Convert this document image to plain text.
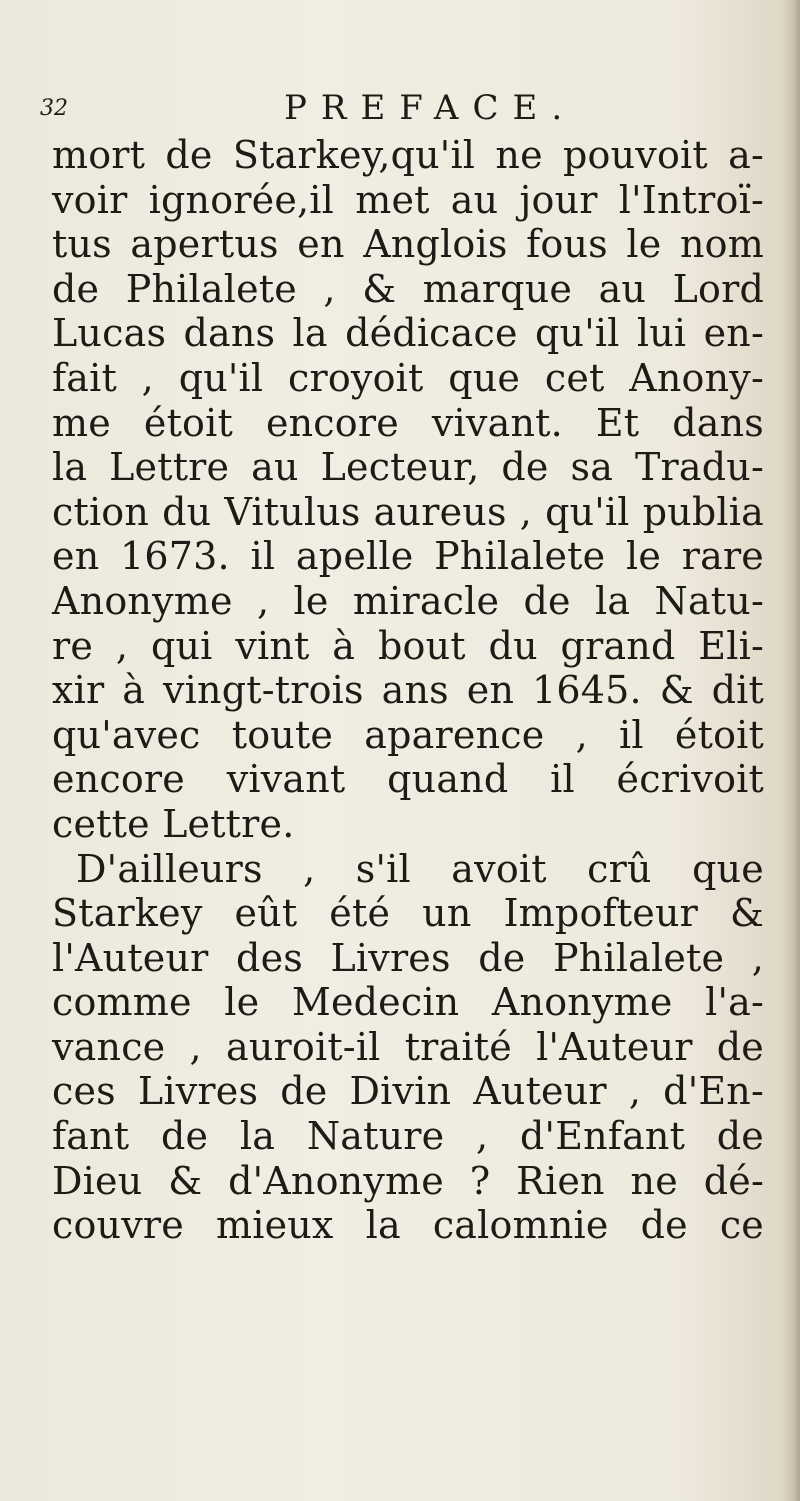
32	PREFACE.
mort de Starkey,qu'il ne pouvoit a-
voir ignorée,il met au jour l'Introï-
tus apertus en Anglois fous le nom
de Philalete , & marque au Lord
Lucas dans la dédicace qu'il lui en-
fait , qu'il croyoit que cet Anony-
me étoit encore vivant. Et dans
la Lettre au Lecteur, de sa Tradu-
ction du Vitulus aureus , qu'il publia
en 1673. il apelle Philalete le rare
Anonyme , le miracle de la Natu-
re , qui vint à bout du grand Eli-
xir à vingt-trois ans en 1645. & dit
qu'avec toute aparence , il étoit
encore vivant quand il écrivoit
cette Lettre.
D'ailleurs , s'il avoit crû que
Starkey eût été un Impofteur &
l'Auteur des Livres de Philalete ,
comme le Medecin Anonyme l'a-
vance , auroit-il traité l'Auteur de
ces Livres de Divin Auteur , d'En-
fant de la Nature , d'Enfant de
Dieu & d'Anonyme ? Rien ne dé-
couvre mieux la calomnie de ce
